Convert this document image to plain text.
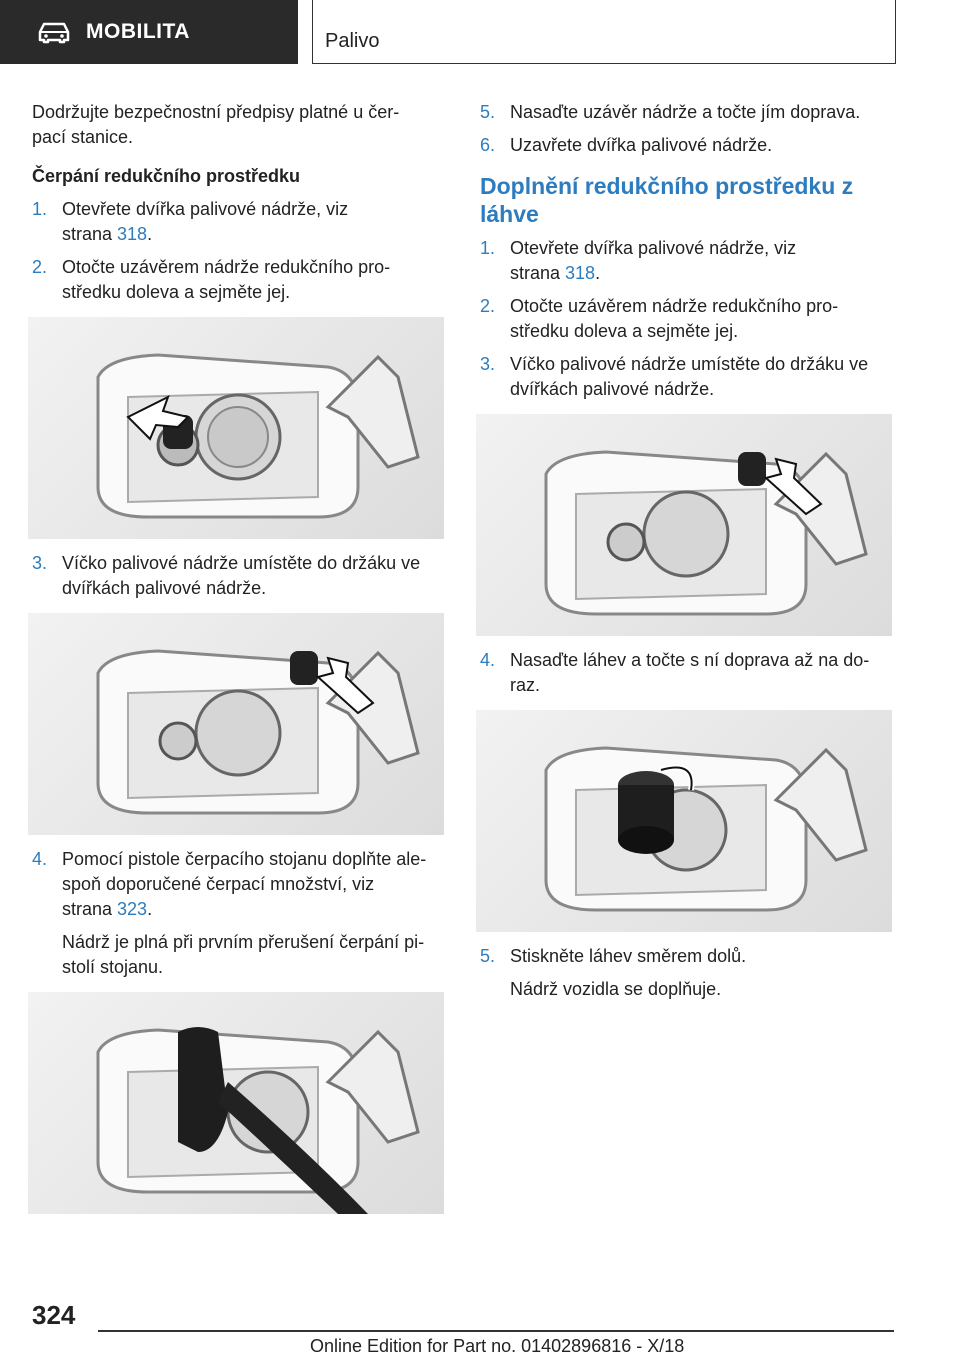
MOBILITA	Palivo

Dodržujte bezpečnostní předpisy platné u čer-
pací stanice.

Čerpání redukčního prostředku
1. Otevřete dvířka palivové nádrže, viz
strana 318.
2. Otočte uzávěrem nádrže redukčního pro-
středku doleva a sejměte jej.
3. Víčko palivové nádrže umístěte do držáku ve
dvířkách palivové nádrže.
4. Pomocí pistole čerpacího stojanu doplňte ale-
spoň doporučené čerpací množství, viz
strana 323.

Nádrž je plná při prvním přerušení čerpání pi-
stolí stojanu.

5. Nasaďte uzávěr nádrže a točte jím doprava.
6. Uzavřete dvířka palivové nádrže.
Doplnění redukčního prostředku z
láhve
1. Otevřete dvířka palivové nádrže, viz
strana 318.
2. Otočte uzávěrem nádrže redukčního pro-
středku doleva a sejměte jej.
3. Víčko palivové nádrže umístěte do držáku ve
dvířkách palivové nádrže.
4. Nasaďte láhev a točte s ní doprava až na do-
raz.
5. Stiskněte láhev směrem dolů.

Nádrž vozidla se doplňuje.

324
Online Edition for Part no. 01402896816 - X/18
